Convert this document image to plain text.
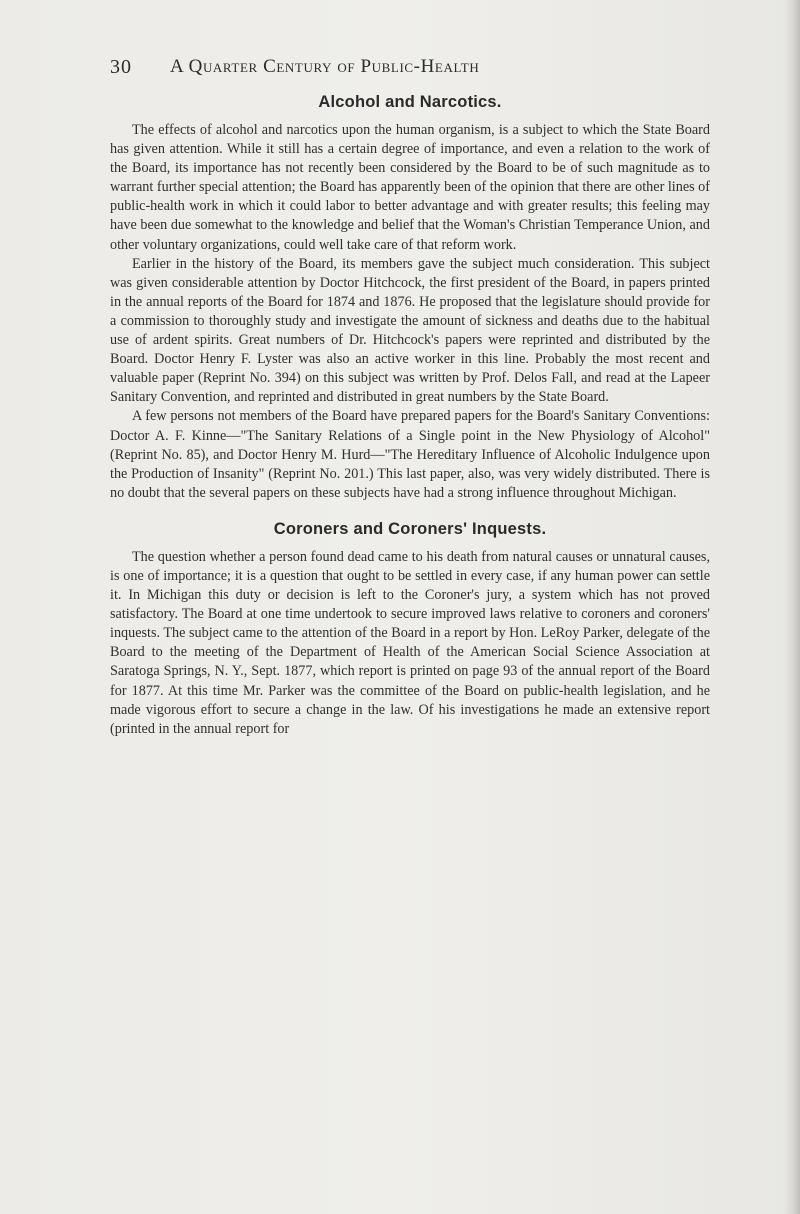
30 A Quarter Century of Public-Health
Alcohol and Narcotics.

The effects of alcohol and narcotics upon the human organism, is a subject to which the State Board has given attention. While it still has a certain degree of importance, and even a relation to the work of the Board, its importance has not recently been considered by the Board to be of such magnitude as to warrant further special attention; the Board has apparently been of the opinion that there are other lines of public-health work in which it could labor to better advantage and with greater results; this feeling may have been due somewhat to the knowledge and belief that the Woman's Christian Temperance Union, and other voluntary organizations, could well take care of that reform work.

Earlier in the history of the Board, its members gave the subject much consideration. This subject was given considerable attention by Doctor Hitchcock, the first president of the Board, in papers printed in the annual reports of the Board for 1874 and 1876. He proposed that the legislature should provide for a commission to thoroughly study and investigate the amount of sickness and deaths due to the habitual use of ardent spirits. Great numbers of Dr. Hitchcock's papers were reprinted and distributed by the Board. Doctor Henry F. Lyster was also an active worker in this line. Probably the most recent and valuable paper (Reprint No. 394) on this subject was written by Prof. Delos Fall, and read at the Lapeer Sanitary Convention, and reprinted and distributed in great numbers by the State Board.

A few persons not members of the Board have prepared papers for the Board's Sanitary Conventions: Doctor A. F. Kinne—"The Sanitary Relations of a Single point in the New Physiology of Alcohol" (Reprint No. 85), and Doctor Henry M. Hurd—"The Hereditary Influence of Alcoholic Indulgence upon the Production of Insanity" (Reprint No. 201.) This last paper, also, was very widely distributed. There is no doubt that the several papers on these subjects have had a strong influence throughout Michigan.

Coroners and Coroners' Inquests.

The question whether a person found dead came to his death from natural causes or unnatural causes, is one of importance; it is a question that ought to be settled in every case, if any human power can settle it. In Michigan this duty or decision is left to the Coroner's jury, a system which has not proved satisfactory. The Board at one time undertook to secure improved laws relative to coroners and coroners' inquests. The subject came to the attention of the Board in a report by Hon. LeRoy Parker, delegate of the Board to the meeting of the Department of Health of the American Social Science Association at Saratoga Springs, N. Y., Sept. 1877, which report is printed on page 93 of the annual report of the Board for 1877. At this time Mr. Parker was the committee of the Board on public-health legislation, and he made vigorous effort to secure a change in the law. Of his investigations he made an extensive report (printed in the annual report for
